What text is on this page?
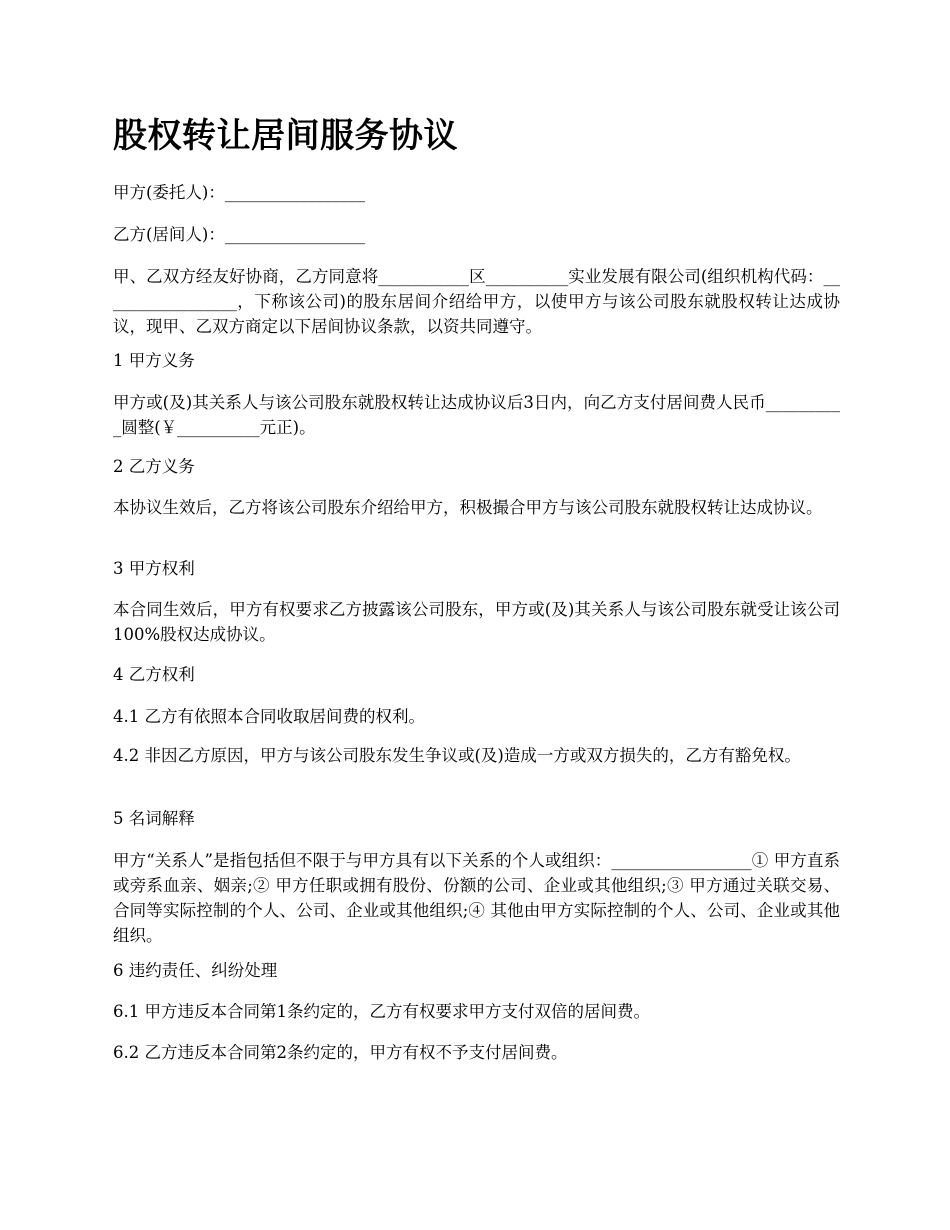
股权转让居间服务协议

甲方(委托人)：_________________

乙方(居间人)：_________________

甲、乙双方经友好协商，乙方同意将___________区__________实业发展有限公司(组织机构代码：_________________，下称该公司)的股东居间介绍给甲方，以使甲方与该公司股东就股权转让达成协议，现甲、乙双方商定以下居间协议条款，以资共同遵守。

1 甲方义务

甲方或(及)其关系人与该公司股东就股权转让达成协议后3日内，向乙方支付居间费人民币__________圆整(￥__________元正)。

2 乙方义务

本协议生效后，乙方将该公司股东介绍给甲方，积极撮合甲方与该公司股东就股权转让达成协议。

3 甲方权利

本合同生效后，甲方有权要求乙方披露该公司股东，甲方或(及)其关系人与该公司股东就受让该公司100%股权达成协议。

4 乙方权利

4.1 乙方有依照本合同收取居间费的权利。

4.2 非因乙方原因，甲方与该公司股东发生争议或(及)造成一方或双方损失的，乙方有豁免权。

5 名词解释

甲方“关系人”是指包括但不限于与甲方具有以下关系的个人或组织：_________________① 甲方直系或旁系血亲、姻亲;② 甲方任职或拥有股份、份额的公司、企业或其他组织;③ 甲方通过关联交易、合同等实际控制的个人、公司、企业或其他组织;④ 其他由甲方实际控制的个人、公司、企业或其他组织。

6 违约责任、纠纷处理

6.1 甲方违反本合同第1条约定的，乙方有权要求甲方支付双倍的居间费。

6.2 乙方违反本合同第2条约定的，甲方有权不予支付居间费。
